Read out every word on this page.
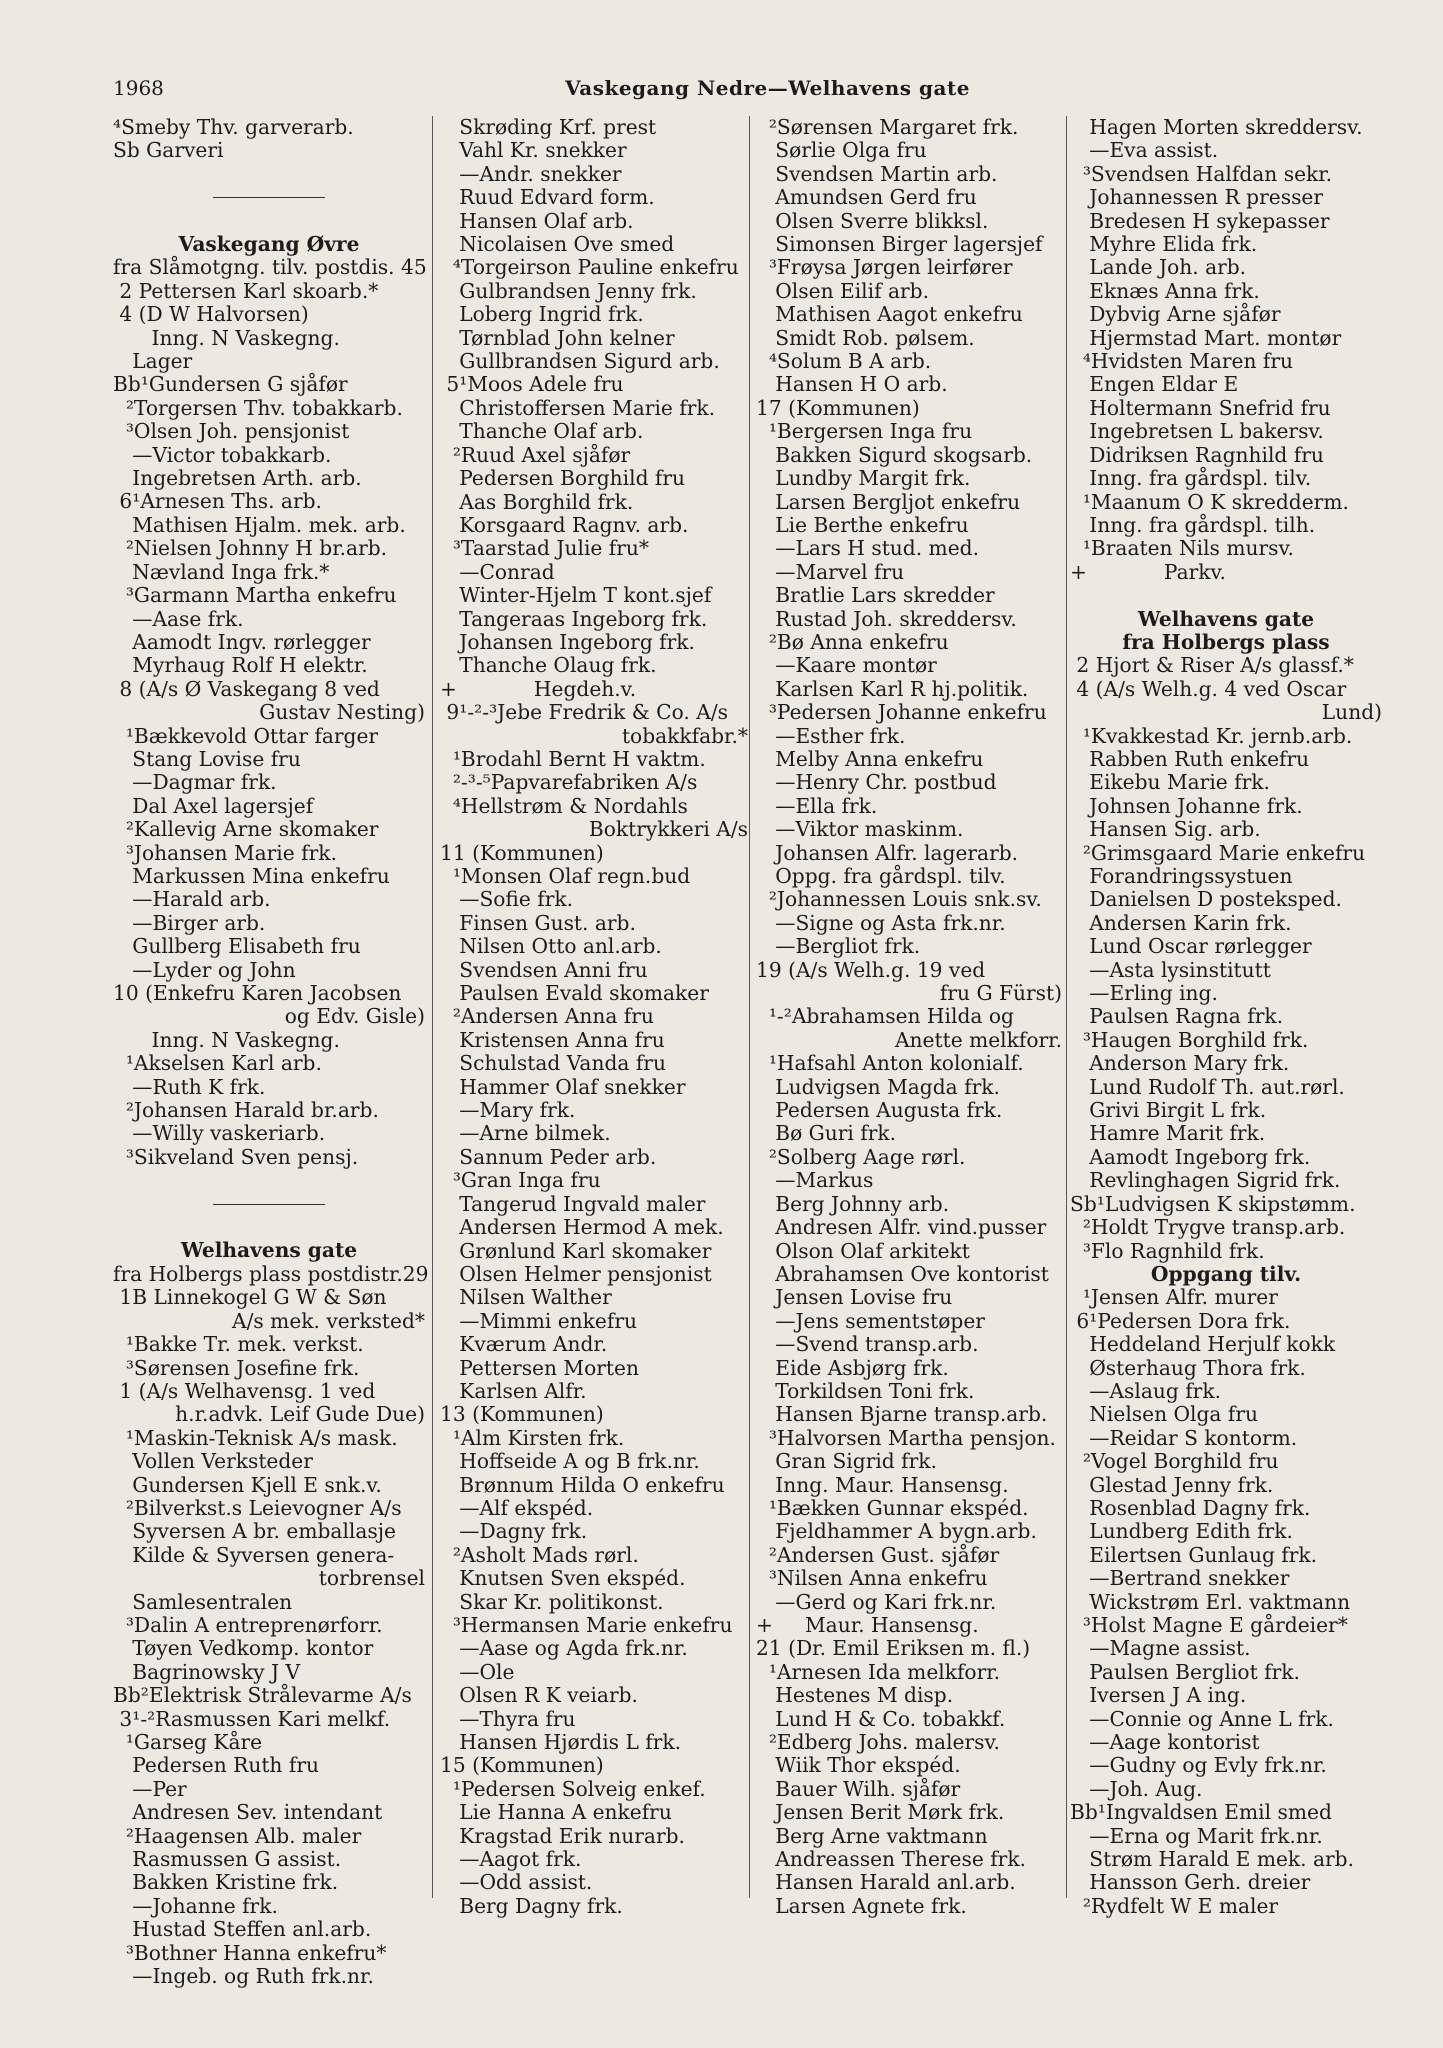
1968	Vaskegang Nedre—Welhavens gate
⁴Smeby Thv. garverarb.
Sb Garveri

Vaskegang Øvre
fra Slåmotgng. tilv. postdis. 45
2 Pettersen Karl skoarb.*
4 (D W Halvorsen)
Inng. N Vaskegng.
Lager
Bb¹Gundersen G sjåfør
²Torgersen Thv. tobakkarb.
³Olsen Joh. pensjonist
—Victor tobakkarb.
Ingebretsen Arth. arb.
6¹Arnesen Ths. arb.
Mathisen Hjalm. mek. arb.
²Nielsen Johnny H br.arb.
Nævland Inga frk.*
³Garmann Martha enkefru
—Aase frk.
Aamodt Ingv. rørlegger
Myrhaug Rolf H elektr.
8 (A/s Ø Vaskegang 8 ved
Gustav Nesting)
¹Bækkevold Ottar farger
Stang Lovise fru
—Dagmar frk.
Dal Axel lagersjef
²Kallevig Arne skomaker
³Johansen Marie frk.
Markussen Mina enkefru
—Harald arb.
—Birger arb.
Gullberg Elisabeth fru
—Lyder og John
10 (Enkefru Karen Jacobsen
og Edv. Gisle)
Inng. N Vaskegng.
¹Akselsen Karl arb.
—Ruth K frk.
²Johansen Harald br.arb.
—Willy vaskeriarb.
³Sikveland Sven pensj.

Welhavens gate
fra Holbergs plass postdistr.29
1B Linnekogel G W & Søn
A/s mek. verksted*
¹Bakke Tr. mek. verkst.
³Sørensen Josefine frk.
1 (A/s Welhavensg. 1 ved
h.r.advk. Leif Gude Due)
¹Maskin-Teknisk A/s mask.
Vollen Verksteder
Gundersen Kjell E snk.v.
²Bilverkst.s Leievogner A/s
Syversen A br. emballasje
Kilde & Syversen genera-
torbrensel
Samlesentralen
³Dalin A entreprenørforr.
Tøyen Vedkomp. kontor
Bagrinowsky J V
Bb²Elektrisk Strålevarme A/s
3¹-²Rasmussen Kari melkf.
¹Garseg Kåre
Pedersen Ruth fru
—Per
Andresen Sev. intendant
²Haagensen Alb. maler
Rasmussen G assist.
Bakken Kristine frk.
—Johanne frk.
Hustad Steffen anl.arb.
³Bothner Hanna enkefru*
—Ingeb. og Ruth frk.nr.
Skrøding Krf. prest
Vahl Kr. snekker
—Andr. snekker
Ruud Edvard form.
Hansen Olaf arb.
Nicolaisen Ove smed
⁴Torgeirson Pauline enkefru
Gulbrandsen Jenny frk.
Loberg Ingrid frk.
Tørnblad John kelner
Gullbrandsen Sigurd arb.
5¹Moos Adele fru
Christoffersen Marie frk.
Thanche Olaf arb.
²Ruud Axel sjåfør
Pedersen Borghild fru
Aas Borghild frk.
Korsgaard Ragnv. arb.
³Taarstad Julie fru*
—Conrad
Winter-Hjelm T kont.sjef
Tangeraas Ingeborg frk.
Johansen Ingeborg frk.
Thanche Olaug frk.
+            Hegdeh.v.
9¹-²-³Jebe Fredrik & Co. A/s
tobakkfabr.*
¹Brodahl Bernt H vaktm.
²-³-⁵Papvarefabriken A/s
⁴Hellstrøm & Nordahls
Boktrykkeri A/s
11 (Kommunen)
¹Monsen Olaf regn.bud
—Sofie frk.
Finsen Gust. arb.
Nilsen Otto anl.arb.
Svendsen Anni fru
Paulsen Evald skomaker
²Andersen Anna fru
Kristensen Anna fru
Schulstad Vanda fru
Hammer Olaf snekker
—Mary frk.
—Arne bilmek.
Sannum Peder arb.
³Gran Inga fru
Tangerud Ingvald maler
Andersen Hermod A mek.
Grønlund Karl skomaker
Olsen Helmer pensjonist
Nilsen Walther
—Mimmi enkefru
Kværum Andr.
Pettersen Morten
Karlsen Alfr.
13 (Kommunen)
¹Alm Kirsten frk.
Hoffseide A og B frk.nr.
Brønnum Hilda O enkefru
—Alf ekspéd.
—Dagny frk.
²Asholt Mads rørl.
Knutsen Sven ekspéd.
Skar Kr. politikonst.
³Hermansen Marie enkefru
—Aase og Agda frk.nr.
—Ole
Olsen R K veiarb.
—Thyra fru
Hansen Hjørdis L frk.
15 (Kommunen)
¹Pedersen Solveig enkef.
Lie Hanna A enkefru
Kragstad Erik nurarb.
—Aagot frk.
—Odd assist.
Berg Dagny frk.
²Sørensen Margaret frk.
Sørlie Olga fru
Svendsen Martin arb.
Amundsen Gerd fru
Olsen Sverre blikksl.
Simonsen Birger lagersjef
³Frøysa Jørgen leirfører
Olsen Eilif arb.
Mathisen Aagot enkefru
Smidt Rob. pølsem.
⁴Solum B A arb.
Hansen H O arb.
17 (Kommunen)
¹Bergersen Inga fru
Bakken Sigurd skogsarb.
Lundby Margit frk.
Larsen Bergljot enkefru
Lie Berthe enkefru
—Lars H stud. med.
—Marvel fru
Bratlie Lars skredder
Rustad Joh. skreddersv.
²Bø Anna enkefru
—Kaare montør
Karlsen Karl R hj.politik.
³Pedersen Johanne enkefru
—Esther frk.
Melby Anna enkefru
—Henry Chr. postbud
—Ella frk.
—Viktor maskinm.
Johansen Alfr. lagerarb.
Oppg. fra gårdspl. tilv.
²Johannessen Louis snk.sv.
—Signe og Asta frk.nr.
—Bergliot frk.
19 (A/s Welh.g. 19 ved
fru G Fürst)
¹-²Abrahamsen Hilda og
Anette melkforr.
¹Hafsahl Anton kolonialf.
Ludvigsen Magda frk.
Pedersen Augusta frk.
Bø Guri frk.
²Solberg Aage rørl.
—Markus
Berg Johnny arb.
Andresen Alfr. vind.pusser
Olson Olaf arkitekt
Abrahamsen Ove kontorist
Jensen Lovise fru
—Jens sementstøper
—Svend transp.arb.
Eide Asbjørg frk.
Torkildsen Toni frk.
Hansen Bjarne transp.arb.
³Halvorsen Martha pensjon.
Gran Sigrid frk.
Inng. Maur. Hansensg.
¹Bækken Gunnar ekspéd.
Fjeldhammer A bygn.arb.
²Andersen Gust. sjåfør
³Nilsen Anna enkefru
—Gerd og Kari frk.nr.
+     Maur. Hansensg.
21 (Dr. Emil Eriksen m. fl.)
¹Arnesen Ida melkforr.
Hestenes M disp.
Lund H & Co. tobakkf.
²Edberg Johs. malersv.
Wiik Thor ekspéd.
Bauer Wilh. sjåfør
Jensen Berit Mørk frk.
Berg Arne vaktmann
Andreassen Therese frk.
Hansen Harald anl.arb.
Larsen Agnete frk.
Hagen Morten skreddersv.
—Eva assist.
³Svendsen Halfdan sekr.
Johannessen R presser
Bredesen H sykepasser
Myhre Elida frk.
Lande Joh. arb.
Eknæs Anna frk.
Dybvig Arne sjåfør
Hjermstad Mart. montør
⁴Hvidsten Maren fru
Engen Eldar E
Holtermann Snefrid fru
Ingebretsen L bakersv.
Didriksen Ragnhild fru
Inng. fra gårdspl. tilv.
¹Maanum O K skredderm.
Inng. fra gårdspl. tilh.
¹Braaten Nils mursv.
+            Parkv.

Welhavens gate
fra Holbergs plass
2 Hjort & Riser A/s glassf.*
4 (A/s Welh.g. 4 ved Oscar
Lund)
¹Kvakkestad Kr. jernb.arb.
Rabben Ruth enkefru
Eikebu Marie frk.
Johnsen Johanne frk.
Hansen Sig. arb.
²Grimsgaard Marie enkefru
Forandringssystuen
Danielsen D posteksped.
Andersen Karin frk.
Lund Oscar rørlegger
—Asta lysinstitutt
—Erling ing.
Paulsen Ragna frk.
³Haugen Borghild frk.
Anderson Mary frk.
Lund Rudolf Th. aut.rørl.
Grivi Birgit L frk.
Hamre Marit frk.
Aamodt Ingeborg frk.
Revlinghagen Sigrid frk.
Sb¹Ludvigsen K skipstømm.
²Holdt Trygve transp.arb.
³Flo Ragnhild frk.
Oppgang tilv.
¹Jensen Alfr. murer
6¹Pedersen Dora frk.
Heddeland Herjulf kokk
Østerhaug Thora frk.
—Aslaug frk.
Nielsen Olga fru
—Reidar S kontorm.
²Vogel Borghild fru
Glestad Jenny frk.
Rosenblad Dagny frk.
Lundberg Edith frk.
Eilertsen Gunlaug frk.
—Bertrand snekker
Wickstrøm Erl. vaktmann
³Holst Magne E gårdeier*
—Magne assist.
Paulsen Bergliot frk.
Iversen J A ing.
—Connie og Anne L frk.
—Aage kontorist
—Gudny og Evly frk.nr.
—Joh. Aug.
Bb¹Ingvaldsen Emil smed
—Erna og Marit frk.nr.
Strøm Harald E mek. arb.
Hansson Gerh. dreier
²Rydfelt W E maler
